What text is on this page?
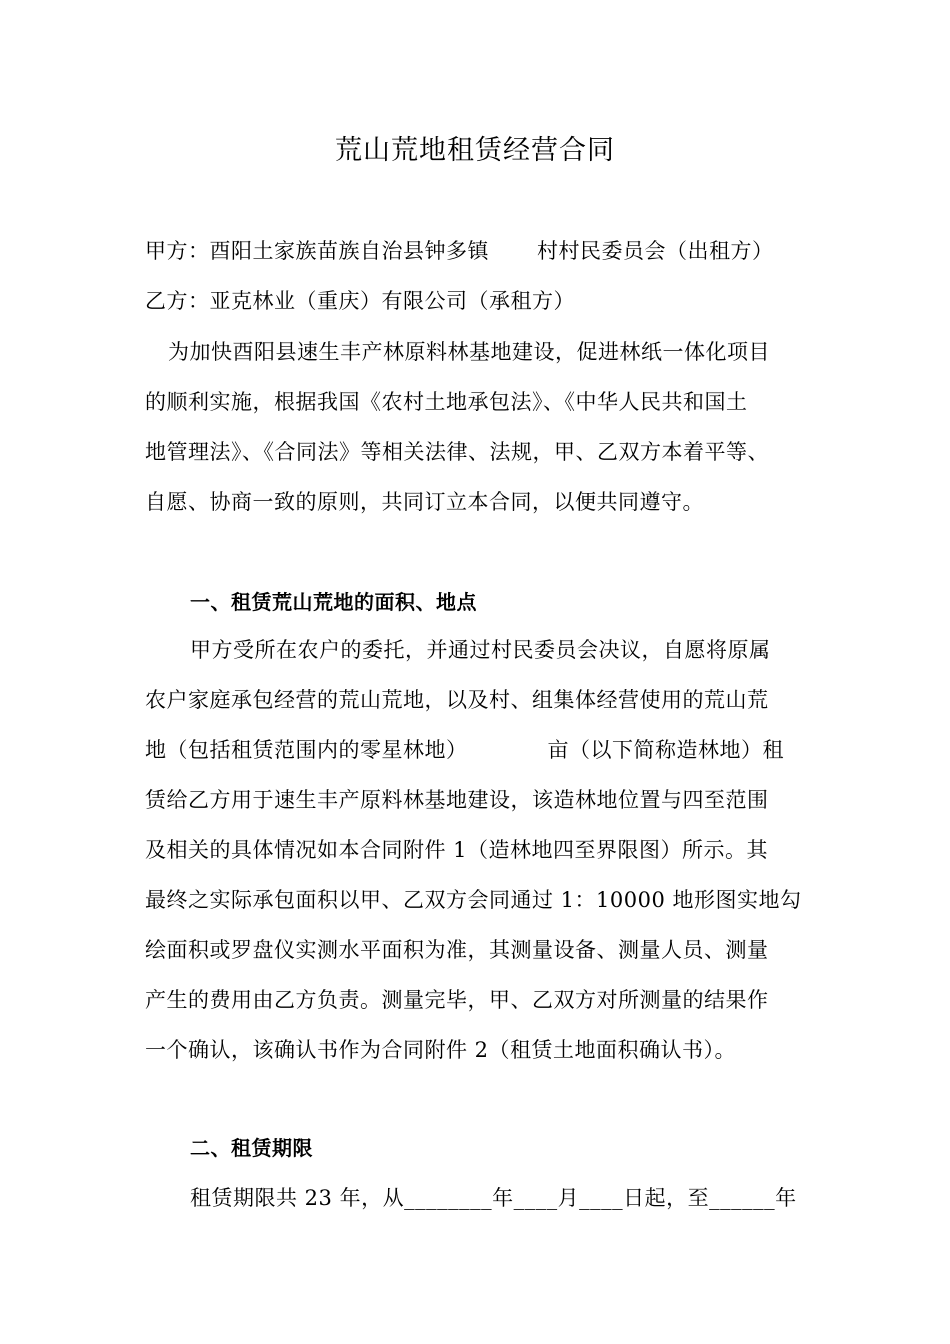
荒山荒地租赁经营合同
甲方：酉阳土家族苗族自治县钟多镇 村村民委员会（出租方）
乙方：亚克林业（重庆）有限公司（承租方）
为加快酉阳县速生丰产林原料林基地建设，促进林纸一体化项目
的顺利实施，根据我国《农村土地承包法》、《中华人民共和国土
地管理法》、《合同法》等相关法律、法规，甲、乙双方本着平等、
自愿、协商一致的原则，共同订立本合同，以便共同遵守。
一、租赁荒山荒地的面积、地点
甲方受所在农户的委托，并通过村民委员会决议，自愿将原属
农户家庭承包经营的荒山荒地，以及村、组集体经营使用的荒山荒
地（包括租赁范围内的零星林地）	亩（以下简称造林地）租
赁给乙方用于速生丰产原料林基地建设，该造林地位置与四至范围
及相关的具体情况如本合同附件 1（造林地四至界限图）所示。其
最终之实际承包面积以甲、乙双方会同通过 1：10000 地形图实地勾
绘面积或罗盘仪实测水平面积为准，其测量设备、测量人员、测量
产生的费用由乙方负责。测量完毕，甲、乙双方对所测量的结果作
一个确认，该确认书作为合同附件 2（租赁土地面积确认书）。
二、租赁期限
租赁期限共 23 年，从________年____月____日起，至______年
